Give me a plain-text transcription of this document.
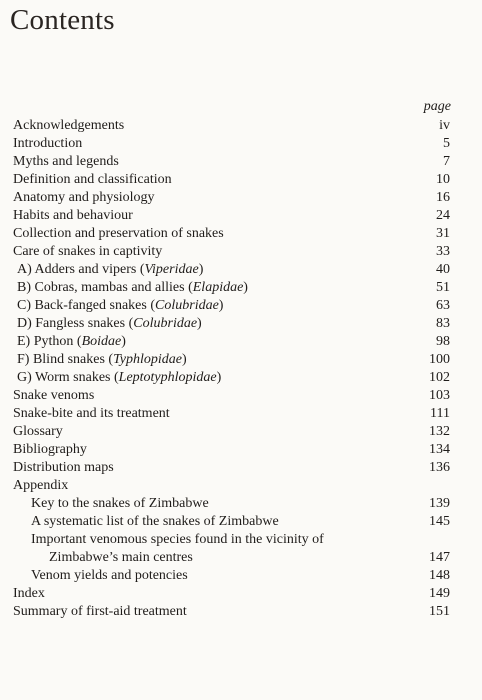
Contents
page
Acknowledgements	iv
Introduction	5
Myths and legends	7
Definition and classification	10
Anatomy and physiology	16
Habits and behaviour	24
Collection and preservation of snakes	31
Care of snakes in captivity	33
A) Adders and vipers (Viperidae)	40
B) Cobras, mambas and allies (Elapidae)	51
C) Back-fanged snakes (Colubridae)	63
D) Fangless snakes (Colubridae)	83
E) Python (Boidae)	98
F) Blind snakes (Typhlopidae)	100
G) Worm snakes (Leptotyphlopidae)	102
Snake venoms	103
Snake-bite and its treatment	111
Glossary	132
Bibliography	134
Distribution maps	136
Appendix
Key to the snakes of Zimbabwe	139
A systematic list of the snakes of Zimbabwe	145
Important venomous species found in the vicinity of
Zimbabwe’s main centres	147
Venom yields and potencies	148
Index	149
Summary of first-aid treatment	151
